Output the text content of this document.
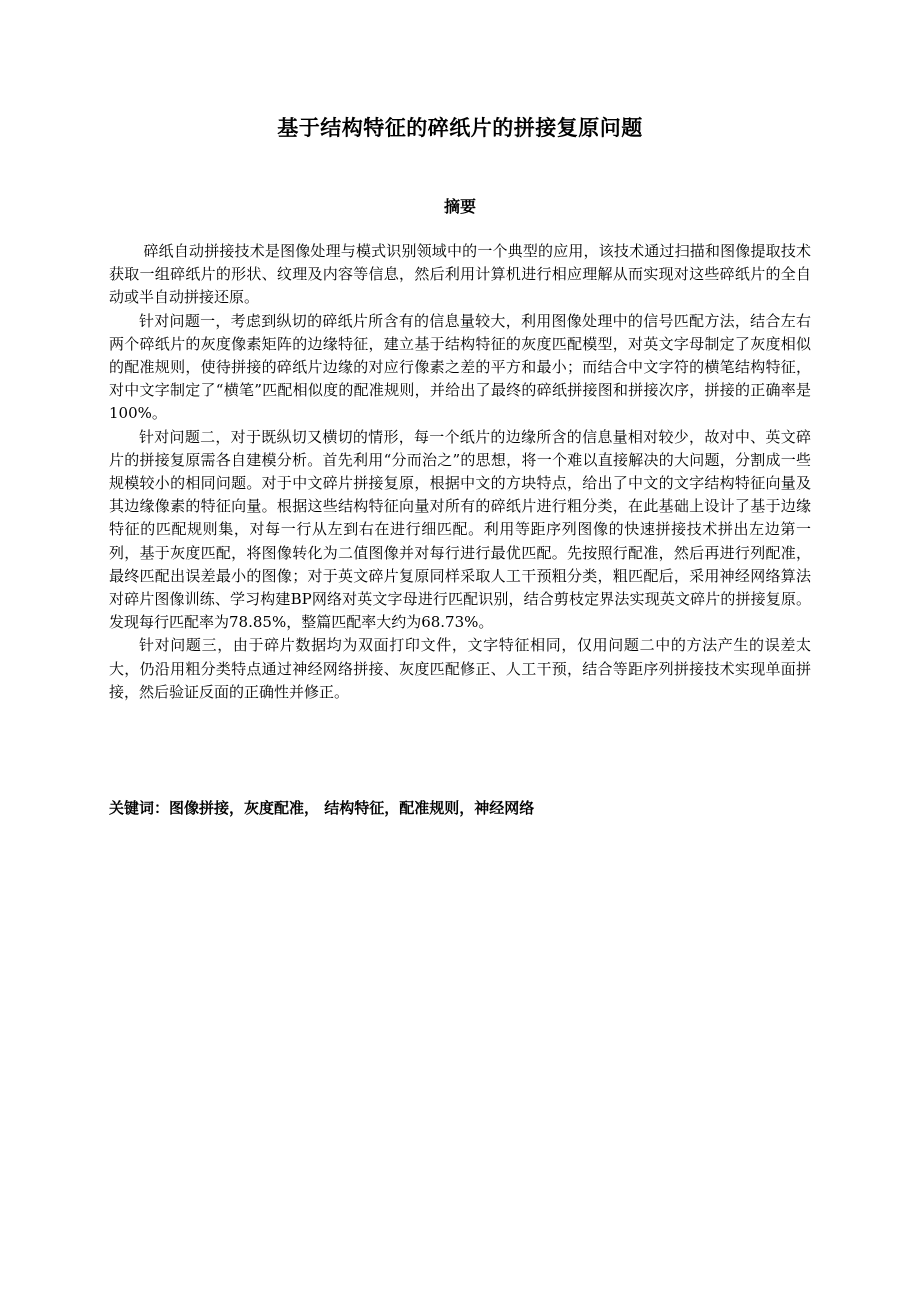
基于结构特征的碎纸片的拼接复原问题
摘要

碎纸自动拼接技术是图像处理与模式识别领域中的一个典型的应用，该技术通过扫描和图像提取技术获取一组碎纸片的形状、纹理及内容等信息，然后利用计算机进行相应理解从而实现对这些碎纸片的全自动或半自动拼接还原。

针对问题一，考虑到纵切的碎纸片所含有的信息量较大，利用图像处理中的信号匹配方法，结合左右两个碎纸片的灰度像素矩阵的边缘特征，建立基于结构特征的灰度匹配模型，对英文字母制定了灰度相似的配准规则，使待拼接的碎纸片边缘的对应行像素之差的平方和最小；而结合中文字符的横笔结构特征，对中文字制定了“横笔”匹配相似度的配准规则，并给出了最终的碎纸拼接图和拼接次序，拼接的正确率是100%。

针对问题二，对于既纵切又横切的情形，每一个纸片的边缘所含的信息量相对较少，故对中、英文碎片的拼接复原需各自建模分析。首先利用“分而治之”的思想，将一个难以直接解决的大问题，分割成一些规模较小的相同问题。对于中文碎片拼接复原，根据中文的方块特点，给出了中文的文字结构特征向量及其边缘像素的特征向量。根据这些结构特征向量对所有的碎纸片进行粗分类，在此基础上设计了基于边缘特征的匹配规则集，对每一行从左到右在进行细匹配。利用等距序列图像的快速拼接技术拼出左边第一列，基于灰度匹配，将图像转化为二值图像并对每行进行最优匹配。先按照行配准，然后再进行列配准，最终匹配出误差最小的图像；对于英文碎片复原同样采取人工干预粗分类，粗匹配后，采用神经网络算法对碎片图像训练、学习构建BP网络对英文字母进行匹配识别，结合剪枝定界法实现英文碎片的拼接复原。发现每行匹配率为78.85%，整篇匹配率大约为68.73%。

针对问题三，由于碎片数据均为双面打印文件，文字特征相同，仅用问题二中的方法产生的误差太大，仍沿用粗分类特点通过神经网络拼接、灰度匹配修正、人工干预，结合等距序列拼接技术实现单面拼接，然后验证反面的正确性并修正。

关键词：图像拼接，灰度配准， 结构特征，配准规则，神经网络
